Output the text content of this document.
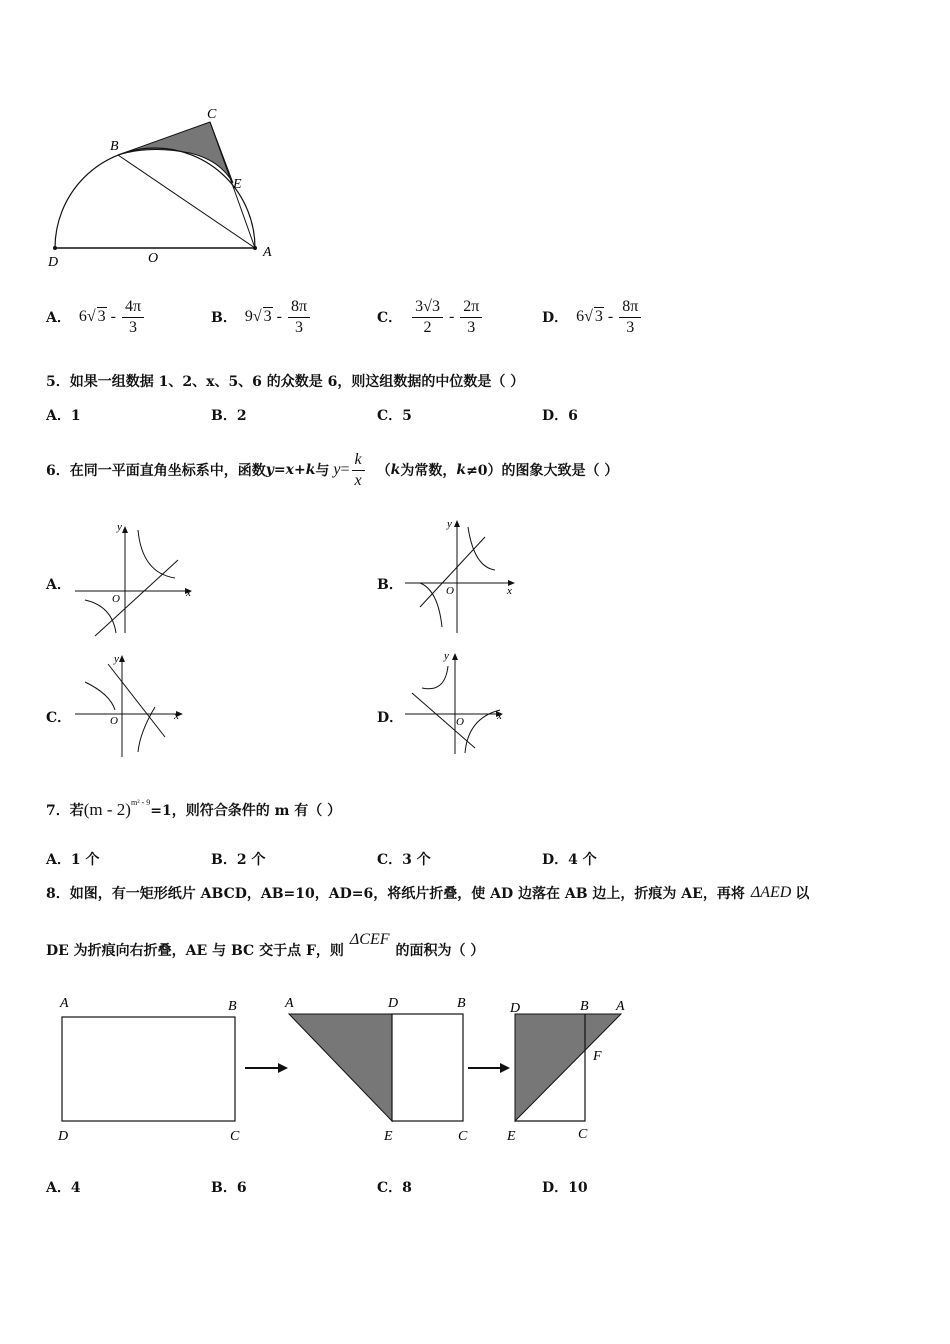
B
C
E
D	O	A
A． 6√ $3 - \frac{4\pi}{3}$	B． 9√ $3 - \frac{8\pi}{3}$	C． $\frac{3√3}{2} - \frac{2\pi}{3}$	D． 6√ $3 - \frac{8\pi}{3}$
5．如果一组数据 1、2、x、5、6 的众数是 6，则这组数据的中位数是（ ）
A．1	B．2	C．5	D．6
6．在同一平面直角坐标系中，函数 y=x+k 与 $y = \frac{k}{x}$ （ k 为常数， k ≠0）的图象大致是（ ）
A．	x
y
O
B．	x
y
O
C．	x
y
O	D．	x
y
O
7．若 (m - 2)$^{m^2 - 9}$
=1，则符合条件的 m 有（ ）
A．1 个	B．2 个	C．3 个	D．4 个
8．如图，有一矩形纸片 ABCD，AB=10，AD=6，将纸片折叠，使 AD 边落在 AB 边上，折痕为 AE，再将 ΔAED 以
DE 为折痕向右折叠，AE 与 BC 交于点 F，则
ΔCEF
的面积为（ ）
A	B
D	C
A	D	B
E	C
D	B A
F
E	C
A．4	B．6	C．8	D．10
